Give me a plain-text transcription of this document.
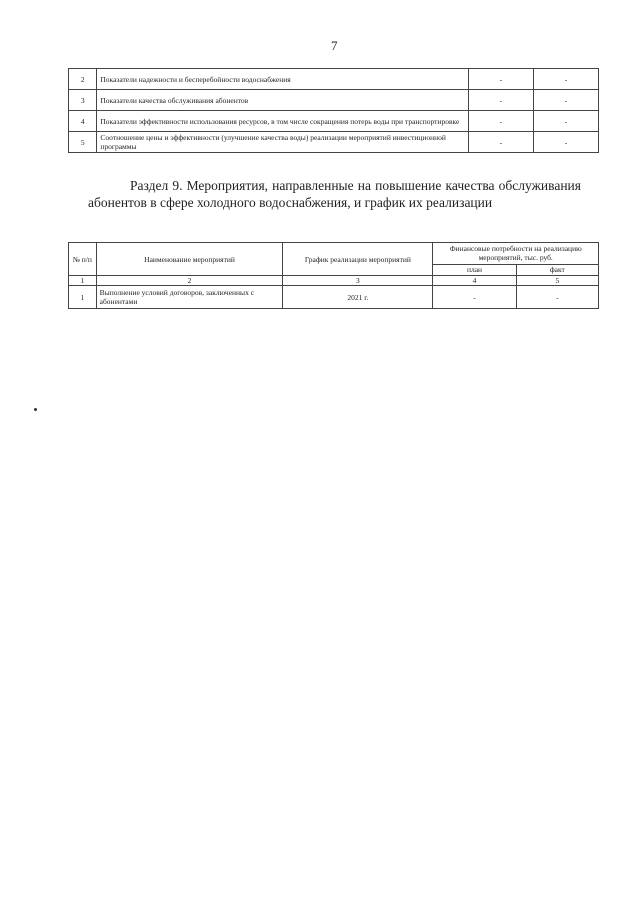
7
2	Показатели надежности и бесперебойности водоснабжения	-	-
3	Показатели качества обслуживания абонентов	-	-
4	Показатели эффективности использования ресурсов, в том числе сокращения потерь воды при транспортировке	-	-
5	Соотношение цены и эффективности (улучшение качества воды) реализации мероприятий инвестиционной программы	-	-
Раздел 9. Мероприятия, направленные на повышение качества обслуживания абонентов в сфере холодного водоснабжения, и график их реализации
№ п/п	Наименование мероприятий	График реализации мероприятий	Финансовые потребности на реализацию мероприятий, тыс. руб.	
			план	факт
1	2	3	4	5
1	Выполнение условий договоров, заключенных с абонентами	2021 г.	-	-
